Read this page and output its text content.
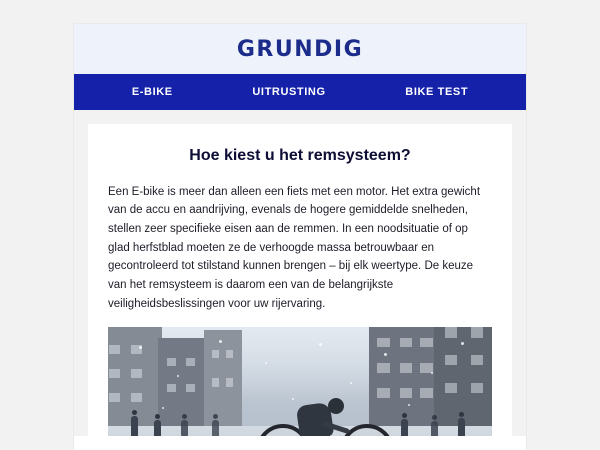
GRUNDIG
E-BIKE	UITRUSTING	BIKE TEST
Hoe kiest u het remsysteem?

Een E-bike is meer dan alleen een fiets met een motor. Het extra gewicht van de accu en aandrijving, evenals de hogere gemiddelde snelheden, stellen zeer specifieke eisen aan de remmen. In een noodsituatie of op glad herfstblad moeten ze de verhoogde massa betrouwbaar en gecontroleerd tot stilstand kunnen brengen – bij elk weertype. De keuze van het remsysteem is daarom een van de belangrijkste veiligheidsbeslissingen voor uw rijervaring.
